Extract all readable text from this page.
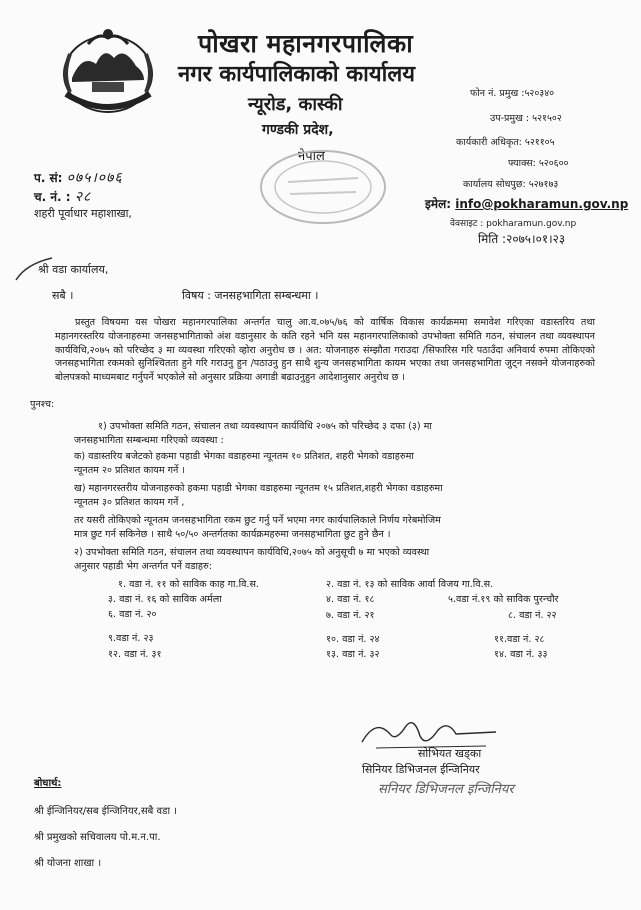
पोखरा महानगरपालिका
नगर कार्यपालिकाको कार्यालय
न्यूरोड, कास्की
गण्डकी प्रदेश,
नेपाल
फोन नं. प्रमुख :५२०३४०
उप-प्रमुख : ५२१५०२
कार्यकारी अधिकृत: ५२११०५
फ्याक्स: ५२०६००
कार्यालय सोधपुछ: ५२७१७३
इमेल: info@pokharamun.gov.np
वेवसाइट : pokharamun.gov.np
मिति :२०७५।०१।२३
प. सं: ०७५।०७६
च. नं. : २८
शहरी पूर्वाधार महाशाखा,
श्री वडा कार्यालय,
सबै ।	विषय : जनसहभागिता सम्बन्धमा ।
प्रस्तुत विषयमा यस पोखरा महानगरपालिका अन्तर्गत चालु आ.व.०७५/७६ को वार्षिक विकास कार्यक्रममा समावेश गरिएका वडास्तरिय तथा महानगरस्तरिय योजनाहरुमा जनसहभागिताको अंश वडानुसार के कति रहने भनि यस महानगरपालिकाको उपभोक्ता समिति गठन, संचालन तथा व्यवस्थापन कार्यविधि,२०७५ को परिच्छेद ३ मा व्यवस्था गरिएको व्होरा अनुरोध छ । अत: योजनाहरु संम्झौता गराउदा /सिफारिस गरि पठाउँदा अनिवार्य रुपमा तोकिएको जनसहभागिता रकमको सुनिश्चितता हुने गरि गराउनु हुन /पठाउनु हुन साथै शुन्य जनसहभागिता कायम भएका तथा जनसहभागिता जुट्न नसक्ने योजनाहरुको बोलपत्रको माध्यमबाट गर्नुपर्ने भएकोले सो अनुसार प्रक्रिया अगाडी बढाउनुहुन आदेशानुसार अनुरोध छ ।
पुनश्च:
१) उपभोक्ता समिति गठन, संचालन तथा व्यवस्थापन कार्यविधि २०७५ को परिच्छेद ३ दफा (३) मा
जनसहभागिता सम्बन्धमा गरिएको व्यवस्था :
क) वडास्तरिय बजेटको हकमा पहाडी भेगका वडाहरुमा न्यूनतम १० प्रतिशत, शहरी भेगको वडाहरुमा
न्यूनतम २० प्रतिशत कायम गर्ने ।
ख) महानगरस्तरीय योजनाहरुको हकमा पहाडी भेगका वडाहरुमा न्यूनतम १५ प्रतिशत,शहरी भेगका वडाहरुमा
न्यूनतम ३० प्रतिशत कायम गर्ने ,
तर यसरी तोकिएको न्यूनतम जनसहभागिता रकम छुट गर्नु पर्ने भएमा नगर कार्यपालिकाले निर्णय गरेबमोजिम
मात्र छुट गर्न सकिनेछ । साथै ५०/५० अन्तर्गतका कार्यक्रमहरुमा जनसहभागिता छुट हुने छैन ।
२) उपभोक्ता समिति गठन, संचालन तथा व्यवस्थापन कार्यविधि,२०७५ को अनुसूची ७ मा भएको व्यवस्था
अनुसार पहाडी भेग अन्तर्गत पर्ने वडाहरु:
१. वडा नं. ११ को साविक काह गा.वि.स.	२. वडा नं. १३ को साविक आर्वा विजय गा.वि.स.
३. वडा नं. १६ को साविक अर्मला	४. वडा नं. १८	५.वडा नं.१९ को साविक पुरन्चौर
६. वडा नं. २०	७. वडा नं. २१	८. वडा नं. २२
९.वडा नं. २३	१०. वडा नं. २४	११.वडा नं. २८
१२. वडा नं. ३१	१३. वडा नं. ३२	१४. वडा नं. ३३
सोभियत खड्का
सिनियर डिभिजनल ईन्जिनियर
सनियर डिभिजनल इन्जिनियर
बोधार्थ:
श्री ईन्जिनियर/सब ईन्जिनियर,सबै वडा ।
श्री प्रमुखको सचिवालय पो.म.न.पा.
श्री योजना शाखा ।
